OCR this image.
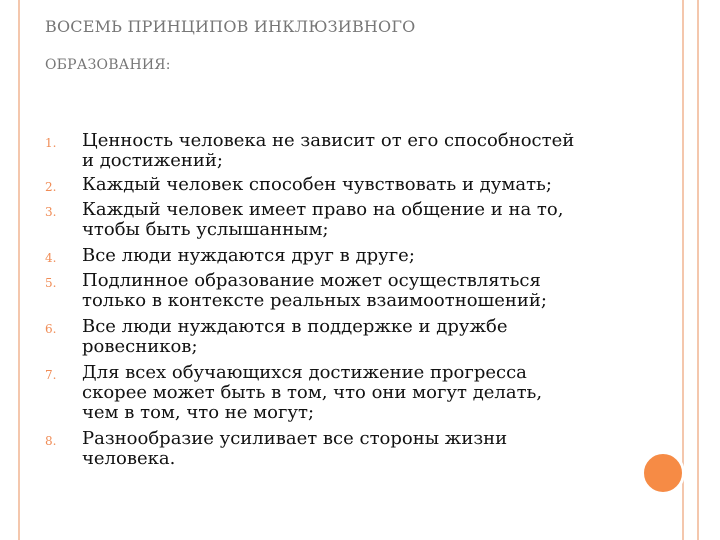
ВОСЕМЬ ПРИНЦИПОВ ИНКЛЮЗИВНОГО
ОБРАЗОВАНИЯ:
1.	Ценность человека не зависит от его способностей
и достижений;
2.	Каждый человек способен чувствовать и думать;
3.	Каждый человек имеет право на общение и на то,
чтобы быть услышанным;
4.	Все люди нуждаются друг в друге;
5.	Подлинное образование может осуществляться
только в контексте реальных взаимоотношений;
6.	Все люди нуждаются в поддержке и дружбе
ровесников;
7.	Для всех обучающихся достижение прогресса
скорее может быть в том, что они могут делать,
чем в том, что не могут;
8.	Разнообразие усиливает все стороны жизни
человека.
